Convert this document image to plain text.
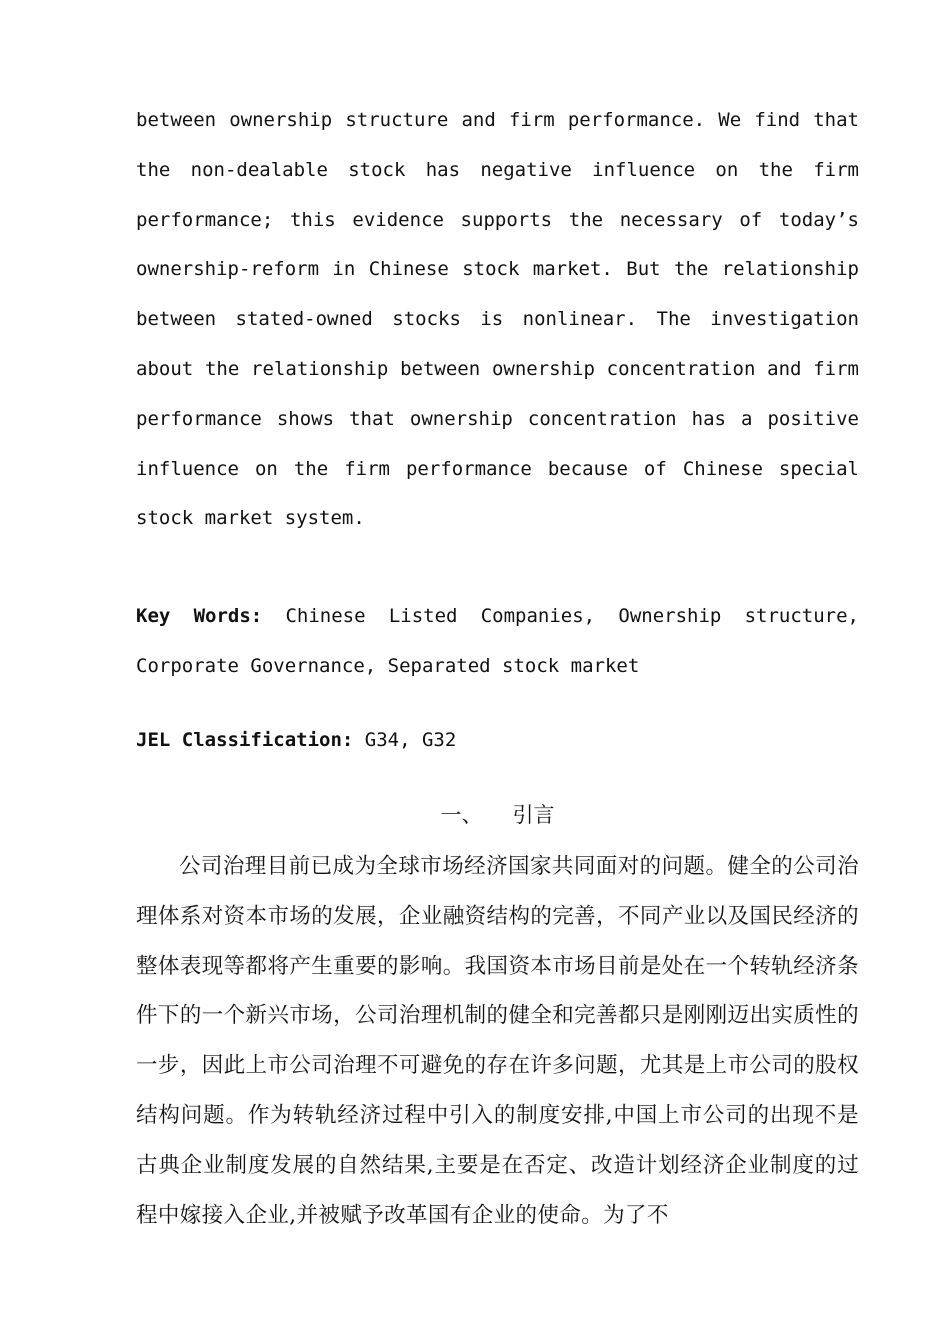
between ownership structure and firm performance. We find that the non-dealable stock has negative influence on the firm performance; this evidence supports the necessary of today’s ownership-reform in Chinese stock market. But the relationship between stated-owned stocks is nonlinear. The investigation about the relationship between ownership concentration and firm performance shows that ownership concentration has a positive influence on the firm performance because of Chinese special stock market system.

Key Words: Chinese Listed Companies, Ownership structure, Corporate Governance, Separated stock market

JEL Classification: G34, G32

一、 引言

公司治理目前已成为全球市场经济国家共同面对的问题。健全的公司治理体系对资本市场的发展，企业融资结构的完善，不同产业以及国民经济的整体表现等都将产生重要的影响。我国资本市场目前是处在一个转轨经济条件下的一个新兴市场，公司治理机制的健全和完善都只是刚刚迈出实质性的一步，因此上市公司治理不可避免的存在许多问题，尤其是上市公司的股权结构问题。作为转轨经济过程中引入的制度安排,中国上市公司的出现不是古典企业制度发展的自然结果,主要是在否定、改造计划经济企业制度的过程中嫁接入企业,并被赋予改革国有企业的使命。为了不
